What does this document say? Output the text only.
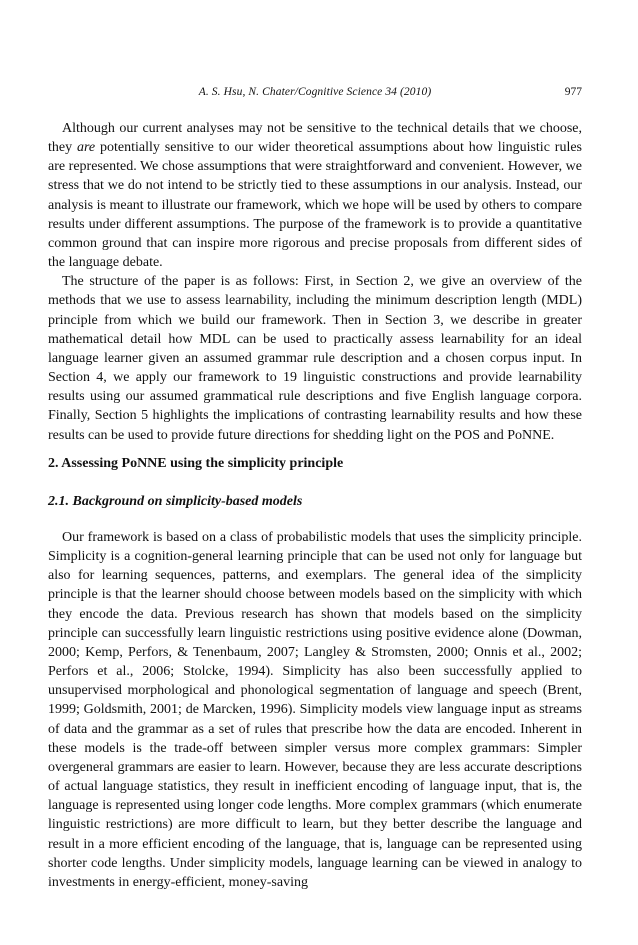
A. S. Hsu, N. Chater/Cognitive Science 34 (2010)	977

Although our current analyses may not be sensitive to the technical details that we choose, they are potentially sensitive to our wider theoretical assumptions about how linguistic rules are represented. We chose assumptions that were straightforward and convenient. However, we stress that we do not intend to be strictly tied to these assumptions in our analysis. Instead, our analysis is meant to illustrate our framework, which we hope will be used by others to compare results under different assumptions. The purpose of the framework is to provide a quantitative common ground that can inspire more rigorous and precise proposals from different sides of the language debate.

The structure of the paper is as follows: First, in Section 2, we give an overview of the methods that we use to assess learnability, including the minimum description length (MDL) principle from which we build our framework. Then in Section 3, we describe in greater mathematical detail how MDL can be used to practically assess learnability for an ideal language learner given an assumed grammar rule description and a chosen corpus input. In Section 4, we apply our framework to 19 linguistic constructions and provide learnability results using our assumed grammatical rule descriptions and five English language corpora. Finally, Section 5 highlights the implications of contrasting learnability results and how these results can be used to provide future directions for shedding light on the POS and PoNNE.

2. Assessing PoNNE using the simplicity principle
2.1. Background on simplicity-based models

Our framework is based on a class of probabilistic models that uses the simplicity principle. Simplicity is a cognition-general learning principle that can be used not only for language but also for learning sequences, patterns, and exemplars. The general idea of the simplicity principle is that the learner should choose between models based on the simplicity with which they encode the data. Previous research has shown that models based on the simplicity principle can successfully learn linguistic restrictions using positive evidence alone (Dowman, 2000; Kemp, Perfors, & Tenenbaum, 2007; Langley & Stromsten, 2000; Onnis et al., 2002; Perfors et al., 2006; Stolcke, 1994). Simplicity has also been successfully applied to unsupervised morphological and phonological segmentation of language and speech (Brent, 1999; Goldsmith, 2001; de Marcken, 1996). Simplicity models view language input as streams of data and the grammar as a set of rules that prescribe how the data are encoded. Inherent in these models is the trade-off between simpler versus more complex grammars: Simpler overgeneral grammars are easier to learn. However, because they are less accurate descriptions of actual language statistics, they result in inefficient encoding of language input, that is, the language is represented using longer code lengths. More complex grammars (which enumerate linguistic restrictions) are more difficult to learn, but they better describe the language and result in a more efficient encoding of the language, that is, language can be represented using shorter code lengths. Under simplicity models, language learning can be viewed in analogy to investments in energy-efficient, money-saving
